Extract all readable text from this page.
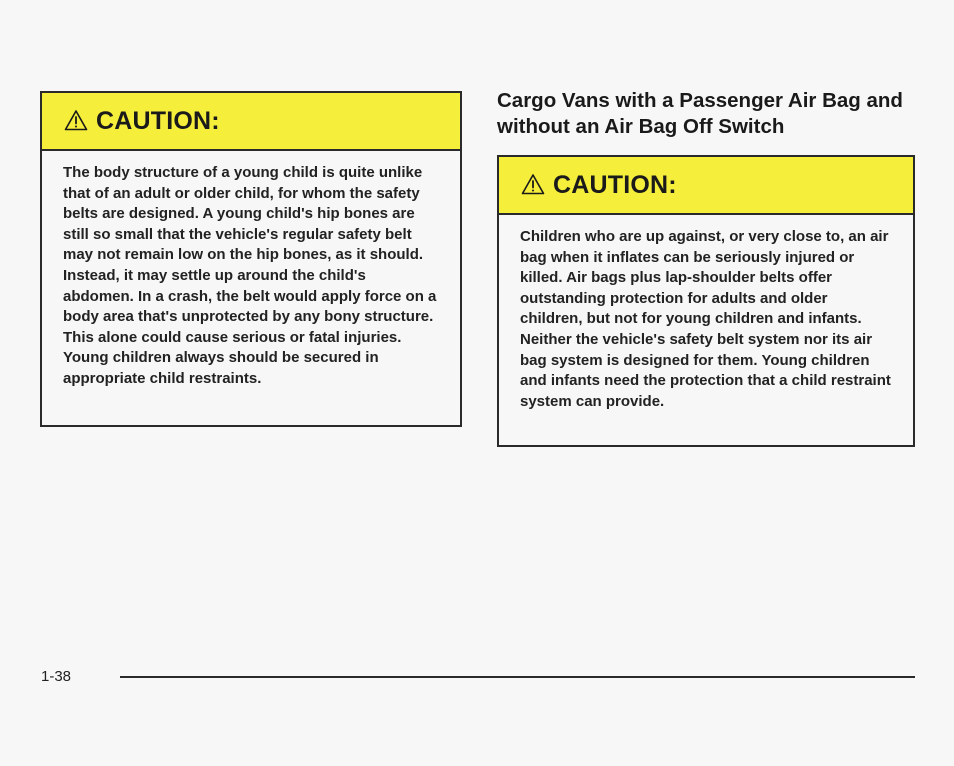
CAUTION:
The body structure of a young child is quite unlike that of an adult or older child, for whom the safety belts are designed. A young child's hip bones are still so small that the vehicle's regular safety belt may not remain low on the hip bones, as it should. Instead, it may settle up around the child's abdomen. In a crash, the belt would apply force on a body area that's unprotected by any bony structure. This alone could cause serious or fatal injuries. Young children always should be secured in appropriate child restraints.
Cargo Vans with a Passenger Air Bag and without an Air Bag Off Switch
CAUTION:
Children who are up against, or very close to, an air bag when it inflates can be seriously injured or killed. Air bags plus lap-shoulder belts offer outstanding protection for adults and older children, but not for young children and infants. Neither the vehicle's safety belt system nor its air bag system is designed for them. Young children and infants need the protection that a child restraint system can provide.
1-38
